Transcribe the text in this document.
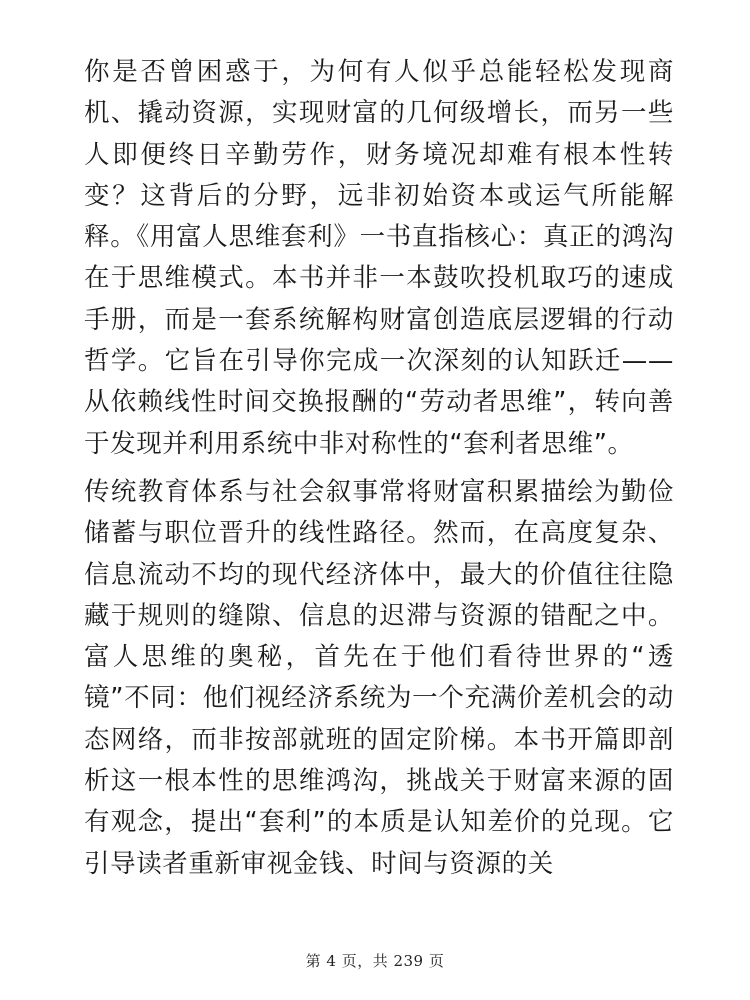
你是否曾困惑于，为何有人似乎总能轻松发现商机、撬动资源，实现财富的几何级增长，而另一些人即便终日辛勤劳作，财务境况却难有根本性转变？这背后的分野，远非初始资本或运气所能解释。《用富人思维套利》一书直指核心：真正的鸿沟在于思维模式。本书并非一本鼓吹投机取巧的速成手册，而是一套系统解构财富创造底层逻辑的行动哲学。它旨在引导你完成一次深刻的认知跃迁——从依赖线性时间交换报酬的“劳动者思维”，转向善于发现并利用系统中非对称性的“套利者思维”。

传统教育体系与社会叙事常将财富积累描绘为勤俭储蓄与职位晋升的线性路径。然而，在高度复杂、信息流动不均的现代经济体中，最大的价值往往隐藏于规则的缝隙、信息的迟滞与资源的错配之中。富人思维的奥秘，首先在于他们看待世界的“透镜”不同：他们视经济系统为一个充满价差机会的动态网络，而非按部就班的固定阶梯。本书开篇即剖析这一根本性的思维鸿沟，挑战关于财富来源的固有观念，提出“套利”的本质是认知差价的兑现。它引导读者重新审视金钱、时间与资源的关

第 4 页，共 239 页
